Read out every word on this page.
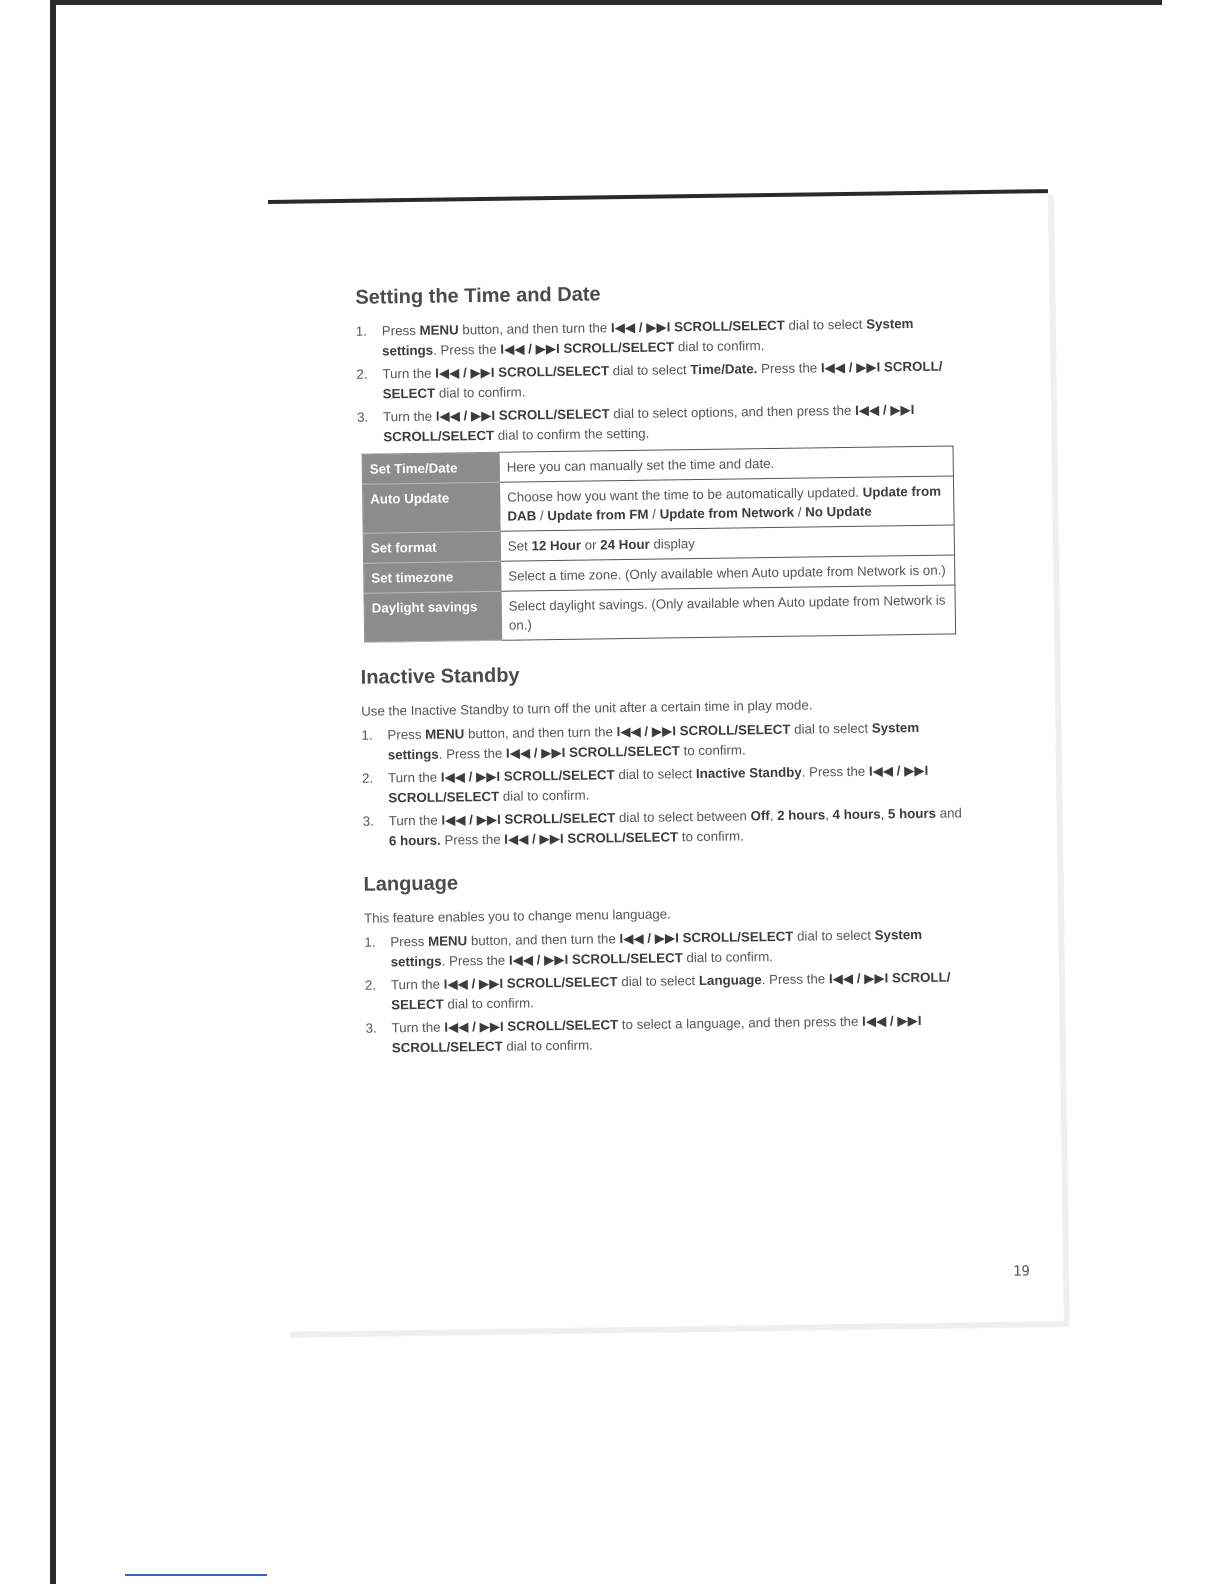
Setting the Time and Date
1. Press MENU button, and then turn the I◀◀ / ▶▶I SCROLL/SELECT dial to select System settings. Press the I◀◀ / ▶▶I SCROLL/SELECT dial to confirm.
2. Turn the I◀◀ / ▶▶I SCROLL/SELECT dial to select Time/Date. Press the I◀◀ / ▶▶I SCROLL/ SELECT dial to confirm.
3. Turn the I◀◀ / ▶▶I SCROLL/SELECT dial to select options, and then press the I◀◀ / ▶▶I SCROLL/SELECT dial to confirm the setting.
Set Time/Date	Here you can manually set the time and date.
Auto Update	Choose how you want the time to be automatically updated. Update from DAB / Update from FM / Update from Network / No Update
Set format	Set 12 Hour or 24 Hour display
Set timezone	Select a time zone. (Only available when Auto update from Network is on.)
Daylight savings	Select daylight savings. (Only available when Auto update from Network is on.)
Inactive Standby

Use the Inactive Standby to turn off the unit after a certain time in play mode.

1. Press MENU button, and then turn the I◀◀ / ▶▶I SCROLL/SELECT dial to select System settings. Press the I◀◀ / ▶▶I SCROLL/SELECT to confirm.
2. Turn the I◀◀ / ▶▶I SCROLL/SELECT dial to select Inactive Standby. Press the I◀◀ / ▶▶I SCROLL/SELECT dial to confirm.
3. Turn the I◀◀ / ▶▶I SCROLL/SELECT dial to select between Off, 2 hours, 4 hours, 5 hours and 6 hours. Press the I◀◀ / ▶▶I SCROLL/SELECT to confirm.
Language

This feature enables you to change menu language.

1. Press MENU button, and then turn the I◀◀ / ▶▶I SCROLL/SELECT dial to select System settings. Press the I◀◀ / ▶▶I SCROLL/SELECT dial to confirm.
2. Turn the I◀◀ / ▶▶I SCROLL/SELECT dial to select Language. Press the I◀◀ / ▶▶I SCROLL/ SELECT dial to confirm.
3. Turn the I◀◀ / ▶▶I SCROLL/SELECT to select a language, and then press the I◀◀ / ▶▶I SCROLL/SELECT dial to confirm.
19
